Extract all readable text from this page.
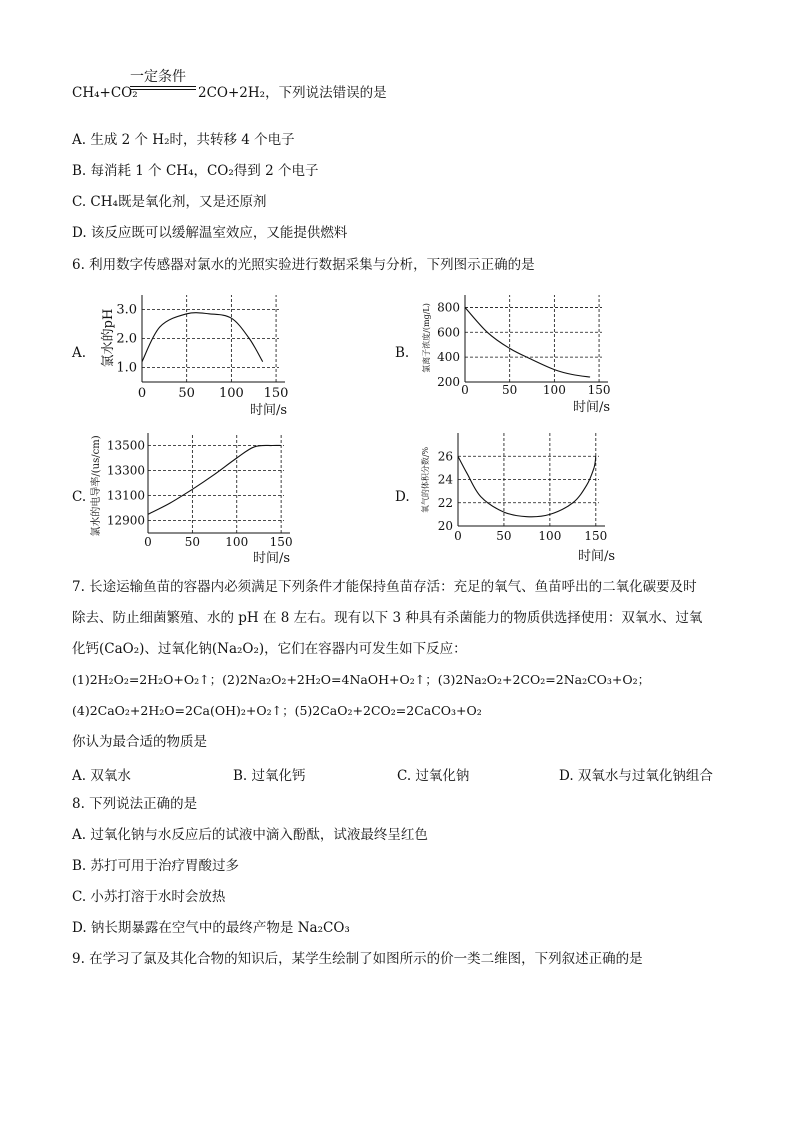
CH₄+CO₂
一定条件
2CO+2H₂，下列说法错误的是
A. 生成 2 个 H₂时，共转移 4 个电子
B. 每消耗 1 个 CH₄，CO₂得到 2 个电子
C. CH₄既是氧化剂，又是还原剂
D. 该反应既可以缓解温室效应，又能提供燃料
6. 利用数字传感器对氯水的光照实验进行数据采集与分析，下列图示正确的是
A.	B.
C.	D.
1.0
2.0
3.0
0 50 100 150
氯水的pH
时间/s
200
400
600
800
0	50 100 150
氯离子浓度/(mg/L)
时间/s
12900
13100
13300
13500
0	50 100 150
氯水的电导率/(us/cm)
时间/s
20
22
24
26
0	50 100 150
氧气的体积分数/%
时间/s
7. 长途运输鱼苗的容器内必须满足下列条件才能保持鱼苗存活：充足的氧气、鱼苗呼出的二氧化碳要及时
除去、防止细菌繁殖、水的 pH 在 8 左右。现有以下 3 种具有杀菌能力的物质供选择使用：双氧水、过氧
化钙(CaO₂)、过氧化钠(Na₂O₂)，它们在容器内可发生如下反应：
(1)2H₂O₂=2H₂O+O₂↑；(2)2Na₂O₂+2H₂O=4NaOH+O₂↑；(3)2Na₂O₂+2CO₂=2Na₂CO₃+O₂；
(4)2CaO₂+2H₂O=2Ca(OH)₂+O₂↑；(5)2CaO₂+2CO₂=2CaCO₃+O₂
你认为最合适的物质是
A. 双氧水	B. 过氧化钙	C. 过氧化钠	D. 双氧水与过氧化钠组合
8. 下列说法正确的是
A. 过氧化钠与水反应后的试液中滴入酚酞，试液最终呈红色
B. 苏打可用于治疗胃酸过多
C. 小苏打溶于水时会放热
D. 钠长期暴露在空气中的最终产物是 Na₂CO₃
9. 在学习了氯及其化合物的知识后，某学生绘制了如图所示的价一类二维图，下列叙述正确的是
